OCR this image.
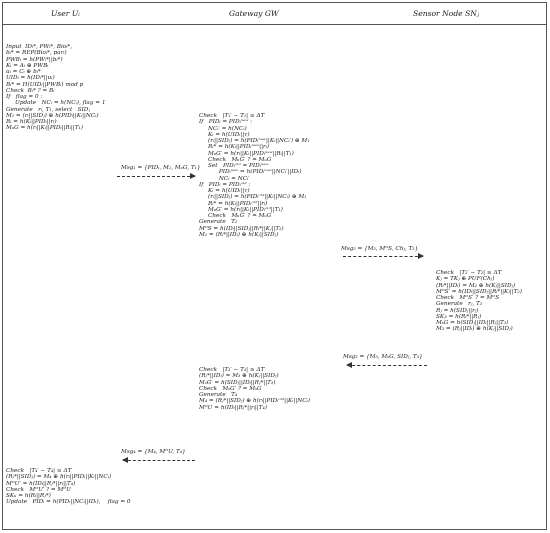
User Uᵢ	Gateway GW	Sensor Node SNⱼ
Input  IDᵢ*, PWᵢ*, Bioᵢ*,
bᵢ* = REP(Bioᵢ*, parᵢ)
PWBᵢ = h(PWᵢ*||bᵢ*)
Kᵢ = Aᵢ ⊕ PWBᵢ
uᵢ = Cᵢ ⊕ bᵢ*
UIDᵢ = h(IDᵢ*||uᵢ)
Bᵢ* = H(UIDᵢ||PWBᵢ) mod p
Check  Bᵢ* ? = Bᵢ
If   flag = 0 :
Update   NCᵢ = h(NCᵢ), flag = 1
Generate   rᵢ, T₁, select   SIDⱼ
M₁ = (rᵢ||SIDⱼ) ⊕ h(PIDᵢ||Kᵢ||NCᵢ)
Rᵢ = h(Kᵢ||PIDᵢ||rᵢ)
MᵤG = h(rᵢ||Kᵢ||PIDᵢ||Rᵢ||T₁)
Msg₁ = {PIDᵢ, M₁, MᵤG, T₁}
Check   |T₁′ − T₁| ≤ ΔT
If   PIDᵢ = PIDᵢⁿᵉʷ :
NCᵢ′ = h(NCᵢ)
Kᵢ = h(UIDᵢ||τ)
(rᵢ||SIDⱼ) = h(PIDᵢⁿᵉʷ||Kᵢ||NCᵢ′) ⊕ M₁
Rᵢ* = h(Kᵢ||PIDᵢⁿᵉʷ||rᵢ)
MᵤG′ = h(rᵢ||Kᵢ||PIDᵢⁿᵉʷ||Rᵢ||T₁)
Check   MᵤG′ ? = MᵤG
Set   PIDᵢᵒˡᵈ = PIDᵢⁿᵉʷ
PIDᵢⁿᵉʷ = h(PIDᵢⁿᵉʷ||NCᵢ′||IDᵢ)
NCᵢ = NCᵢ′
If   PIDᵢ = PIDᵢᵒˡᵈ :
Kᵢ = h(UIDᵢ||τ)
(rᵢ||SIDⱼ) = h(PIDᵢᵒˡᵈ||Kᵢ||NCᵢ) ⊕ M₁
Rᵢ* = h(Kᵢ||PIDᵢᵒˡᵈ||rᵢ)
MᵤG′ = h(rᵢ||Kᵢ||PIDᵢᵒˡᵈ||T₁)
Check   MᵤG′ ? = MᵤG
Generate   T₂
MᴳS = h(IDᵢ||SIDⱼ||Rᵢ*||Kⱼ||T₂)
M₂ = (Rᵢ*||IDᵢ) ⊕ h(Kⱼ||SIDⱼ)
Msg₂ = {M₂, MᴳS, Chⱼ, T₂}
Check   |T₂′ − T₂| ≤ ΔT
Kⱼ = TKⱼ ⊕ PUF(Chⱼ)
(Rᵢ*||IDᵢ) = M₂ ⊕ h(Kⱼ||SIDⱼ)
MᴳS′ = h(IDᵢ||SIDⱼ||Rᵢ*||Kⱼ||T₂)
Check   MᴳS′ ? = MᴳS
Generate   rⱼ, T₃
Rⱼ = h(SIDⱼ||rⱼ)
SKⱼᵢ = h(Rᵢ*||Rⱼ)
MₛG = h(SIDⱼ||IDᵢ||Rⱼ||T₃)
M₃ = (Rⱼ||IDᵢ) ⊕ h(Kⱼ||SIDⱼ)
Msg₃ = {M₃, MₛG, SIDⱼ, T₃}
Check   |T₃′ − T₃| ≤ ΔT
(Rⱼ*||IDᵢ) = M₃ ⊕ h(Kⱼ||SIDⱼ)
MₛG′ = h(SIDⱼ||IDᵢ||Rⱼ*||T₃)
Check   MₛG′ ? = MₛG
Generate   T₄
M₄ = (Rⱼ*||SIDⱼ) ⊕ h(rᵢ||PIDᵢᵒˡᵈ||Kᵢ||NCᵢ)
MᴳU = h(IDᵢ||Rⱼ*||rᵢ||T₄)
Msg₄ = {M₄, MᴳU, T₄}
Check   |T₄′ − T₄| ≤ ΔT
(Rⱼ*||SIDⱼ) = M₄ ⊕ h(rᵢ||PIDᵢ||Kᵢ||NCᵢ)
MᴳU′ = h(IDᵢ||Rⱼ*||rᵢ||T₄)
Check   MᴳU′ ? = MᴳU
SKᵤ = h(Rᵢ||Rⱼ*)
Update   PIDᵢ = h(PIDᵢ||NCᵢ||IDᵢ),    flag = 0
